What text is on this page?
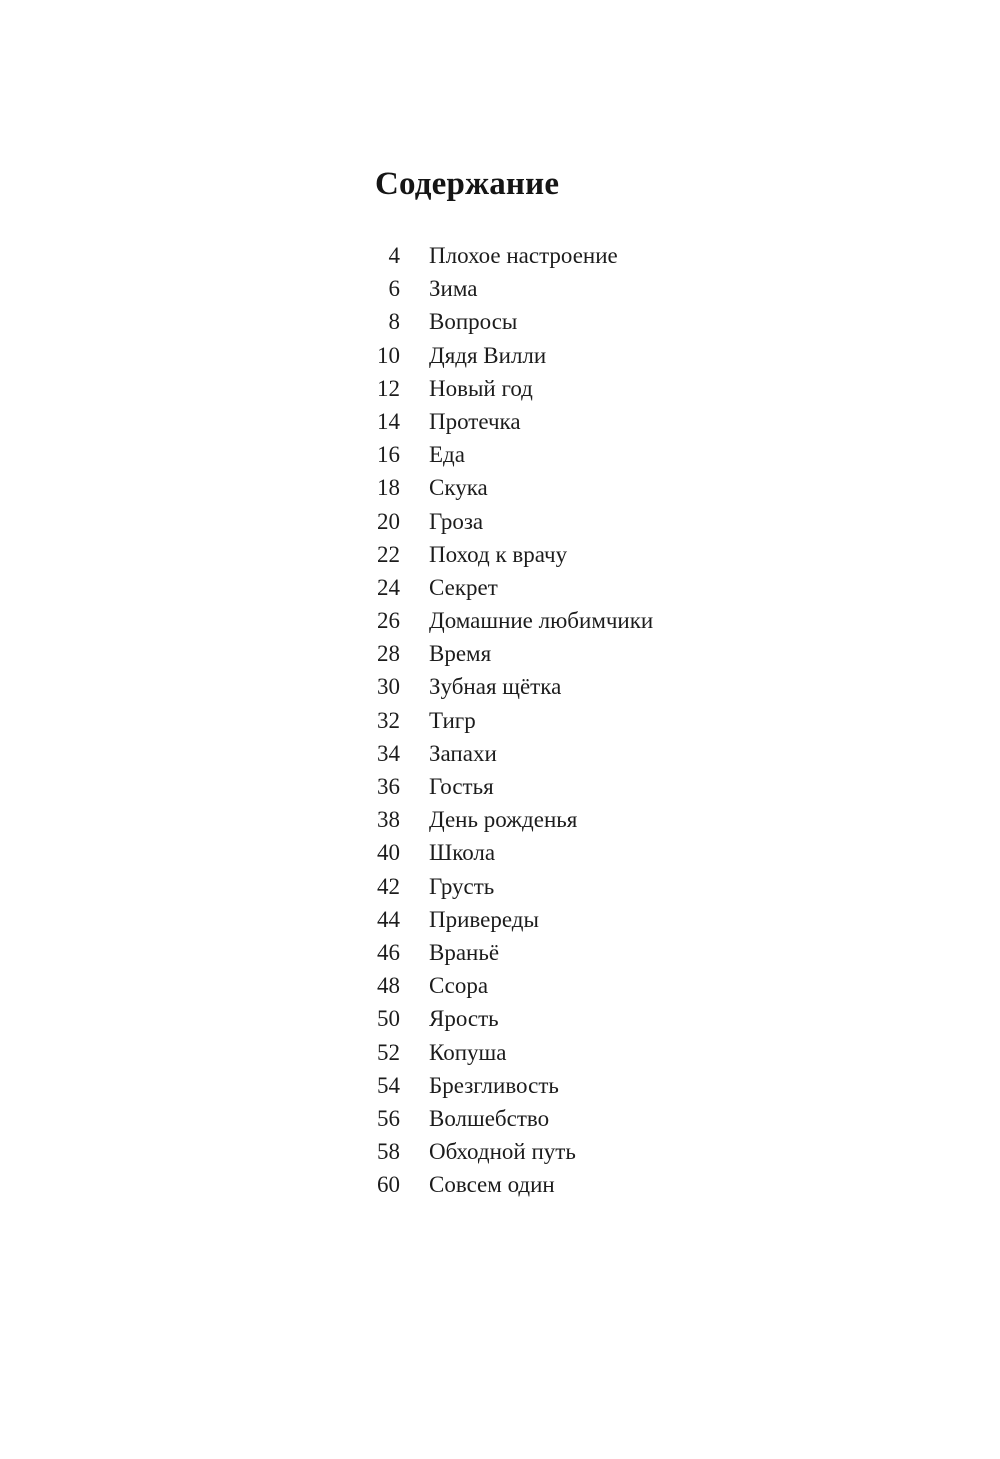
Содержание
4	Плохое настроение
6	Зима
8	Вопросы
10	Дядя Вилли
12	Новый год
14	Протечка
16	Еда
18	Скука
20	Гроза
22	Поход к врачу
24	Секрет
26	Домашние любимчики
28	Время
30	Зубная щётка
32	Тигр
34	Запахи
36	Гостья
38	День рожденья
40	Школа
42	Грусть
44	Привереды
46	Враньё
48	Ссора
50	Ярость
52	Копуша
54	Брезгливость
56	Волшебство
58	Обходной путь
60	Совсем один
